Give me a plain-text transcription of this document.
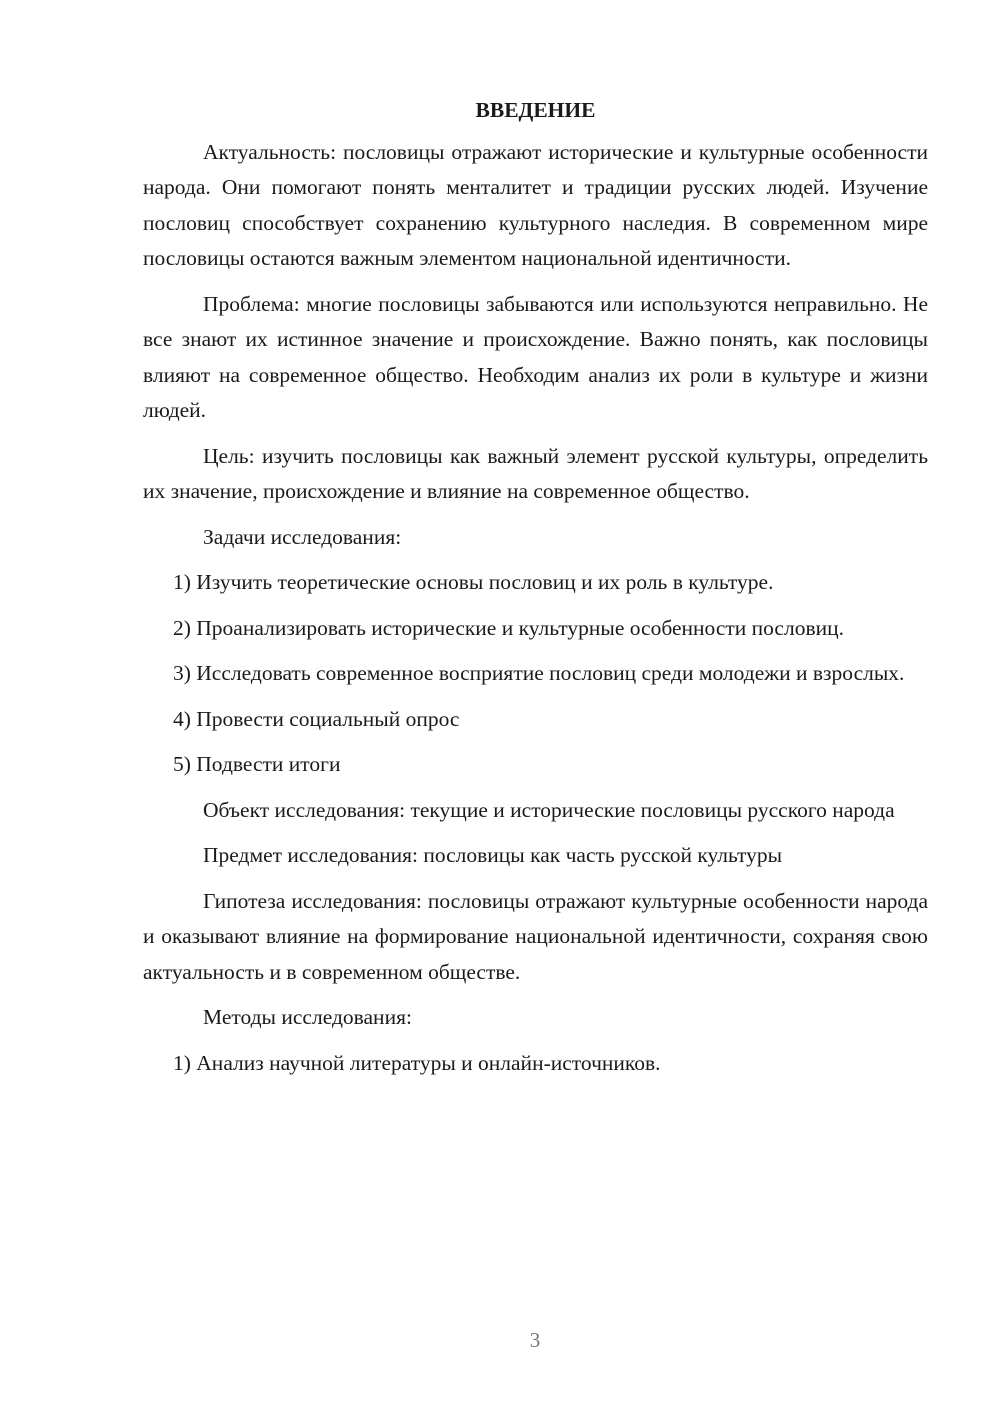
ВВЕДЕНИЕ

Актуальность: пословицы отражают исторические и культурные особенности народа. Они помогают понять менталитет и традиции русских людей. Изучение пословиц способствует сохранению культурного наследия. В современном мире пословицы остаются важным элементом национальной идентичности.

Проблема: многие пословицы забываются или используются неправильно. Не все знают их истинное значение и происхождение. Важно понять, как пословицы влияют на современное общество. Необходим анализ их роли в культуре и жизни людей.

Цель: изучить пословицы как важный элемент русской культуры, определить их значение, происхождение и влияние на современное общество.

Задачи исследования:

1) Изучить теоретические основы пословиц и их роль в культуре.

2) Проанализировать исторические и культурные особенности пословиц.

3) Исследовать современное восприятие пословиц среди молодежи и взрослых.

4) Провести социальный опрос

5) Подвести итоги

Объект исследования: текущие и исторические пословицы русского народа

Предмет исследования: пословицы как часть русской культуры

Гипотеза исследования: пословицы отражают культурные особенности народа и оказывают влияние на формирование национальной идентичности, сохраняя свою актуальность и в современном обществе.

Методы исследования:

1) Анализ научной литературы и онлайн-источников.

3
